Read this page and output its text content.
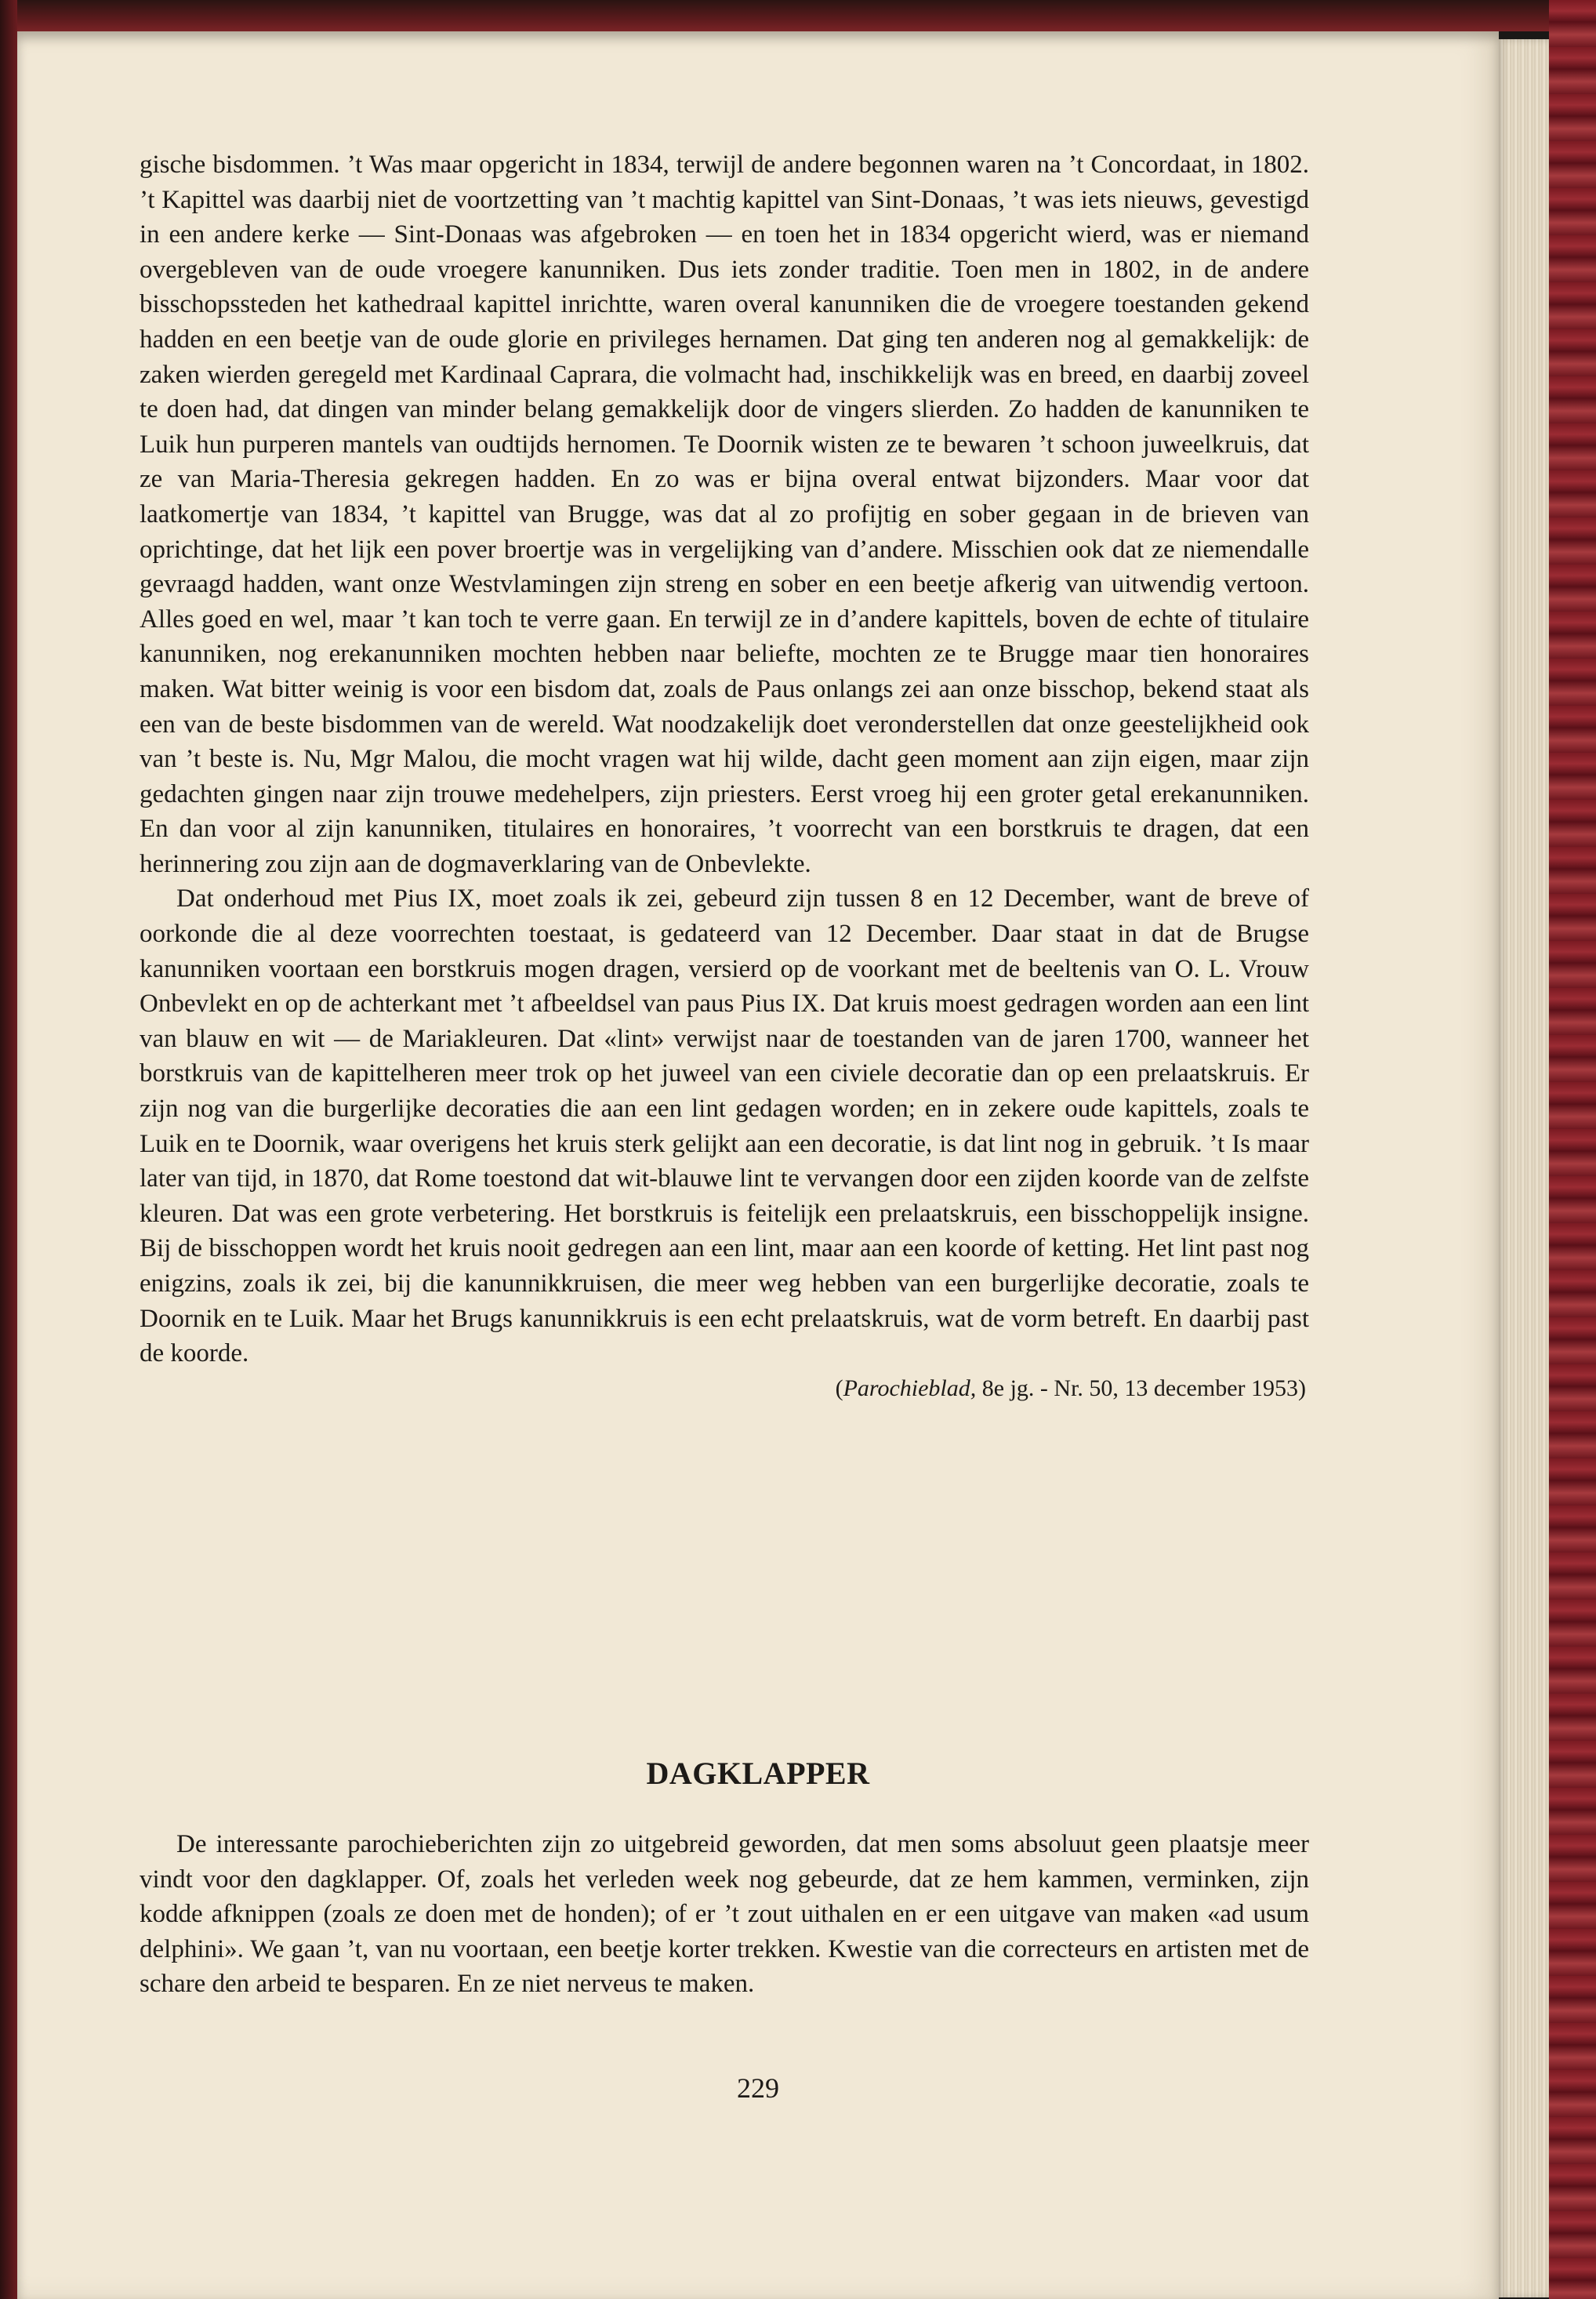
gische bisdommen. ’t Was maar opgericht in 1834, terwijl de andere begonnen waren na ’t Concordaat, in 1802. ’t Kapittel was daarbij niet de voortzetting van ’t machtig kapittel van Sint-Donaas, ’t was iets nieuws, gevestigd in een andere kerke — Sint-Donaas was afgebroken — en toen het in 1834 opgericht wierd, was er niemand overgebleven van de oude vroegere kanunniken. Dus iets zonder traditie. Toen men in 1802, in de andere bisschopssteden het kathedraal kapittel inrichtte, waren overal kanunniken die de vroegere toestanden gekend hadden en een beetje van de oude glorie en privileges hernamen. Dat ging ten anderen nog al gemakkelijk: de zaken wierden geregeld met Kardinaal Caprara, die volmacht had, inschikkelijk was en breed, en daarbij zoveel te doen had, dat dingen van minder belang gemakkelijk door de vingers slierden. Zo hadden de kanunniken te Luik hun purperen mantels van oudtijds hernomen. Te Doornik wisten ze te bewaren ’t schoon juweelkruis, dat ze van Maria-Theresia gekregen hadden. En zo was er bijna overal entwat bijzonders. Maar voor dat laatkomertje van 1834, ’t kapittel van Brugge, was dat al zo profijtig en sober gegaan in de brieven van oprichtinge, dat het lijk een pover broertje was in vergelijking van d’andere. Misschien ook dat ze niemendalle gevraagd hadden, want onze Westvlamingen zijn streng en sober en een beetje afkerig van uitwendig vertoon. Alles goed en wel, maar ’t kan toch te verre gaan. En terwijl ze in d’andere kapittels, boven de echte of titulaire kanunniken, nog erekanunniken mochten hebben naar beliefte, mochten ze te Brugge maar tien honoraires maken. Wat bitter weinig is voor een bisdom dat, zoals de Paus onlangs zei aan onze bisschop, bekend staat als een van de beste bisdommen van de wereld. Wat noodzakelijk doet veronderstellen dat onze geestelijkheid ook van ’t beste is. Nu, Mgr Malou, die mocht vragen wat hij wilde, dacht geen moment aan zijn eigen, maar zijn gedachten gingen naar zijn trouwe medehelpers, zijn priesters. Eerst vroeg hij een groter getal erekanunniken. En dan voor al zijn kanunniken, titulaires en honoraires, ’t voorrecht van een borstkruis te dragen, dat een herinnering zou zijn aan de dogmaverklaring van de Onbevlekte.

Dat onderhoud met Pius IX, moet zoals ik zei, gebeurd zijn tussen 8 en 12 December, want de breve of oorkonde die al deze voorrechten toestaat, is gedateerd van 12 December. Daar staat in dat de Brugse kanunniken voortaan een borstkruis mogen dragen, versierd op de voorkant met de beeltenis van O. L. Vrouw Onbevlekt en op de achterkant met ’t afbeeldsel van paus Pius IX. Dat kruis moest gedragen worden aan een lint van blauw en wit — de Mariakleuren. Dat «lint» verwijst naar de toestanden van de jaren 1700, wanneer het borstkruis van de kapittelheren meer trok op het juweel van een civiele decoratie dan op een prelaatskruis. Er zijn nog van die burgerlijke decoraties die aan een lint gedagen worden; en in zekere oude kapittels, zoals te Luik en te Doornik, waar overigens het kruis sterk gelijkt aan een decoratie, is dat lint nog in gebruik. ’t Is maar later van tijd, in 1870, dat Rome toestond dat wit-blauwe lint te vervangen door een zijden koorde van de zelfste kleuren. Dat was een grote verbetering. Het borstkruis is feitelijk een prelaatskruis, een bisschoppelijk insigne. Bij de bisschoppen wordt het kruis nooit gedregen aan een lint, maar aan een koorde of ketting. Het lint past nog enigzins, zoals ik zei, bij die kanunnikkruisen, die meer weg hebben van een burgerlijke decoratie, zoals te Doornik en te Luik. Maar het Brugs kanunnikkruis is een echt prelaatskruis, wat de vorm betreft. En daarbij past de koorde.

(Parochieblad, 8e jg. - Nr. 50, 13 december 1953)
DAGKLAPPER

De interessante parochieberichten zijn zo uitgebreid geworden, dat men soms absoluut geen plaatsje meer vindt voor den dagklapper. Of, zoals het verleden week nog gebeurde, dat ze hem kammen, verminken, zijn kodde afknippen (zoals ze doen met de honden); of er ’t zout uithalen en er een uitgave van maken «ad usum delphini». We gaan ’t, van nu voortaan, een beetje korter trekken. Kwestie van die correcteurs en artisten met de schare den arbeid te besparen. En ze niet nerveus te maken.

229
